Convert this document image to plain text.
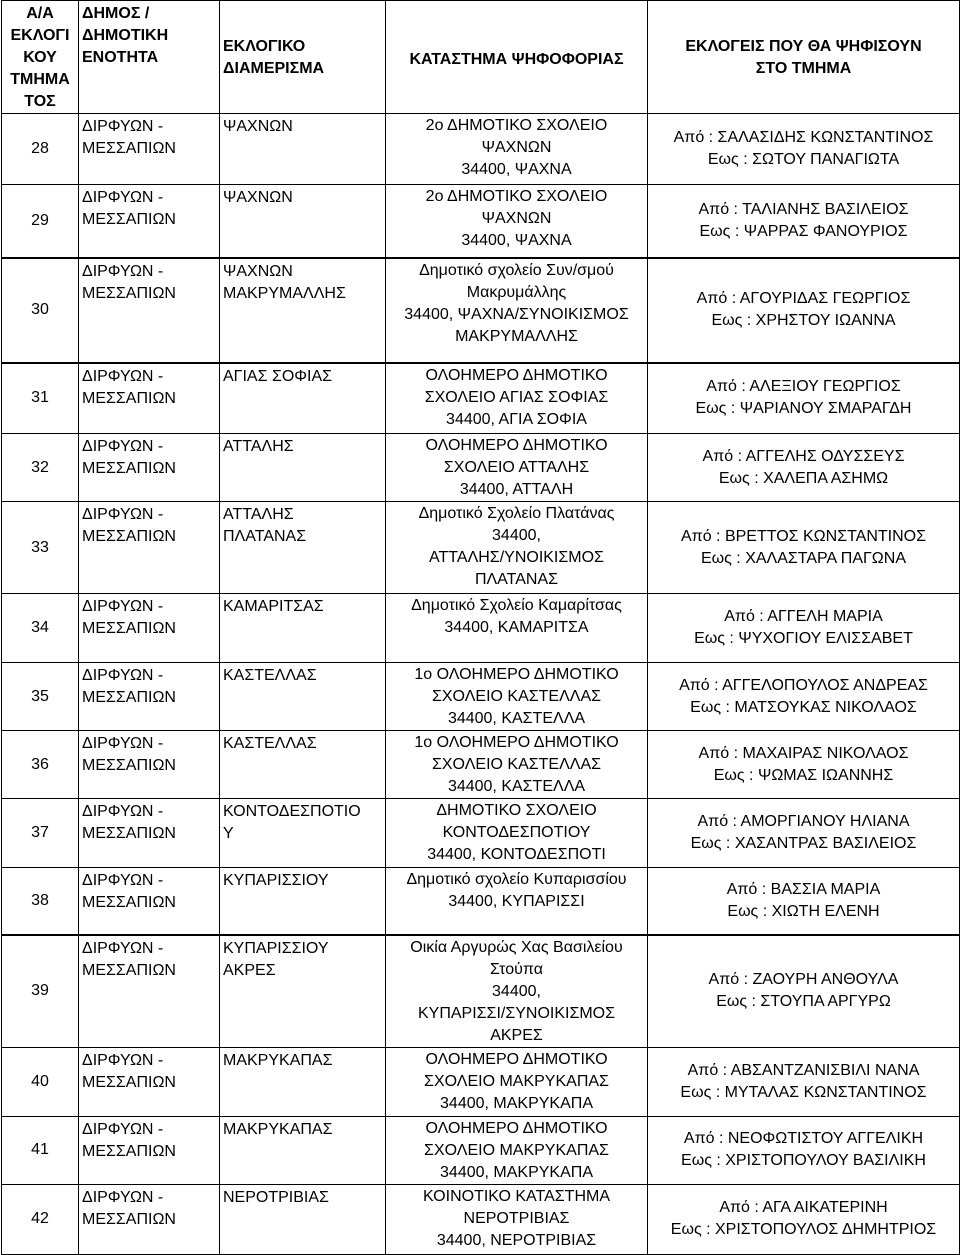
Α/Α
ΕΚΛΟΓΙ
ΚΟΥ
ΤΜΗΜΑ
ΤΟΣ	ΔΗΜΟΣ /
ΔΗΜΟΤΙΚΗ
ΕΝΟΤΗΤΑ	ΕΚΛΟΓΙΚΟ
ΔΙΑΜΕΡΙΣΜΑ	ΚΑΤΑΣΤΗΜΑ ΨΗΦΟΦΟΡΙΑΣ	ΕΚΛΟΓΕΙΣ ΠΟΥ ΘΑ ΨΗΦΙΣΟΥΝ
ΣΤΟ ΤΜΗΜΑ

28	ΔΙΡΦΥΩΝ -
ΜΕΣΣΑΠΙΩΝ	ΨΑΧΝΩΝ	2ο ΔΗΜΟΤΙΚΟ ΣΧΟΛΕΙΟ
ΨΑΧΝΩΝ
34400, ΨΑΧΝΑ	Από : ΣΑΛΑΣΙΔΗΣ ΚΩΝΣΤΑΝΤΙΝΟΣ
Εως : ΣΩΤΟΥ ΠΑΝΑΓΙΩΤΑ

29	ΔΙΡΦΥΩΝ -
ΜΕΣΣΑΠΙΩΝ	ΨΑΧΝΩΝ	2ο ΔΗΜΟΤΙΚΟ ΣΧΟΛΕΙΟ
ΨΑΧΝΩΝ
34400, ΨΑΧΝΑ	Από : ΤΑΛΙΑΝΗΣ ΒΑΣΙΛΕΙΟΣ
Εως : ΨΑΡΡΑΣ ΦΑΝΟΥΡΙΟΣ

30	ΔΙΡΦΥΩΝ -
ΜΕΣΣΑΠΙΩΝ	ΨΑΧΝΩΝ
ΜΑΚΡΥΜΑΛΛΗΣ	Δημοτικό σχολείο Συν/σμού
Μακρυμάλλης
34400, ΨΑΧΝΑ/ΣΥΝΟΙΚΙΣΜΟΣ
ΜΑΚΡΥΜΑΛΛΗΣ	Από : ΑΓΟΥΡΙΔΑΣ ΓΕΩΡΓΙΟΣ
Εως : ΧΡΗΣΤΟΥ ΙΩΑΝΝΑ

31	ΔΙΡΦΥΩΝ -
ΜΕΣΣΑΠΙΩΝ	ΑΓΙΑΣ ΣΟΦΙΑΣ	ΟΛΟΗΜΕΡΟ ΔΗΜΟΤΙΚΟ
ΣΧΟΛΕΙΟ ΑΓΙΑΣ ΣΟΦΙΑΣ
34400, ΑΓΙΑ ΣΟΦΙΑ	Από : ΑΛΕΞΙΟΥ ΓΕΩΡΓΙΟΣ
Εως : ΨΑΡΙΑΝΟΥ ΣΜΑΡΑΓΔΗ

32	ΔΙΡΦΥΩΝ -
ΜΕΣΣΑΠΙΩΝ	ΑΤΤΑΛΗΣ	ΟΛΟΗΜΕΡΟ ΔΗΜΟΤΙΚΟ
ΣΧΟΛΕΙΟ ΑΤΤΑΛΗΣ
34400, ΑΤΤΑΛΗ	Από : ΑΓΓΕΛΗΣ ΟΔΥΣΣΕΥΣ
Εως : ΧΑΛΕΠΑ ΑΣΗΜΩ

33	ΔΙΡΦΥΩΝ -
ΜΕΣΣΑΠΙΩΝ	ΑΤΤΑΛΗΣ
ΠΛΑΤΑΝΑΣ	Δημοτικό Σχολείο Πλατάνας
34400,
ΑΤΤΑΛΗΣ/ΥΝΟΙΚΙΣΜΟΣ
ΠΛΑΤΑΝΑΣ	Από : ΒΡΕΤΤΟΣ ΚΩΝΣΤΑΝΤΙΝΟΣ
Εως : ΧΑΛΑΣΤΑΡΑ ΠΑΓΩΝΑ

34	ΔΙΡΦΥΩΝ -
ΜΕΣΣΑΠΙΩΝ	ΚΑΜΑΡΙΤΣΑΣ	Δημοτικό Σχολείο Καμαρίτσας
34400, ΚΑΜΑΡΙΤΣΑ	Από : ΑΓΓΕΛΗ ΜΑΡΙΑ
Εως : ΨΥΧΟΓΙΟΥ ΕΛΙΣΣΑΒΕΤ

35	ΔΙΡΦΥΩΝ -
ΜΕΣΣΑΠΙΩΝ	ΚΑΣΤΕΛΛΑΣ	1ο ΟΛΟΗΜΕΡΟ ΔΗΜΟΤΙΚΟ
ΣΧΟΛΕΙΟ ΚΑΣΤΕΛΛΑΣ
34400, ΚΑΣΤΕΛΛΑ	Από : ΑΓΓΕΛΟΠΟΥΛΟΣ ΑΝΔΡΕΑΣ
Εως : ΜΑΤΣΟΥΚΑΣ ΝΙΚΟΛΑΟΣ

36	ΔΙΡΦΥΩΝ -
ΜΕΣΣΑΠΙΩΝ	ΚΑΣΤΕΛΛΑΣ	1ο ΟΛΟΗΜΕΡΟ ΔΗΜΟΤΙΚΟ
ΣΧΟΛΕΙΟ ΚΑΣΤΕΛΛΑΣ
34400, ΚΑΣΤΕΛΛΑ	Από : ΜΑΧΑΙΡΑΣ ΝΙΚΟΛΑΟΣ
Εως : ΨΩΜΑΣ ΙΩΑΝΝΗΣ

37	ΔΙΡΦΥΩΝ -
ΜΕΣΣΑΠΙΩΝ	ΚΟΝΤΟΔΕΣΠΟΤΙΟ
Υ	ΔΗΜΟΤΙΚΟ ΣΧΟΛΕΙΟ
ΚΟΝΤΟΔΕΣΠΟΤΙΟΥ
34400, ΚΟΝΤΟΔΕΣΠΟΤΙ	Από : ΑΜΟΡΓΙΑΝΟΥ ΗΛΙΑΝΑ
Εως : ΧΑΣΑΝΤΡΑΣ ΒΑΣΙΛΕΙΟΣ

38	ΔΙΡΦΥΩΝ -
ΜΕΣΣΑΠΙΩΝ	ΚΥΠΑΡΙΣΣΙΟΥ	Δημοτικό σχολείο Κυπαρισσίου
34400, ΚΥΠΑΡΙΣΣΙ	Από : ΒΑΣΣΙΑ ΜΑΡΙΑ
Εως : ΧΙΩΤΗ ΕΛΕΝΗ

39	ΔΙΡΦΥΩΝ -
ΜΕΣΣΑΠΙΩΝ	ΚΥΠΑΡΙΣΣΙΟΥ
ΑΚΡΕΣ	Οικία Αργυρώς Χας Βασιλείου
Στούπα
34400,
ΚΥΠΑΡΙΣΣΙ/ΣΥΝΟΙΚΙΣΜΟΣ
ΑΚΡΕΣ	Από : ΖΑΟΥΡΗ ΑΝΘΟΥΛΑ
Εως : ΣΤΟΥΠΑ ΑΡΓΥΡΩ

40	ΔΙΡΦΥΩΝ -
ΜΕΣΣΑΠΙΩΝ	ΜΑΚΡΥΚΑΠΑΣ	ΟΛΟΗΜΕΡΟ ΔΗΜΟΤΙΚΟ
ΣΧΟΛΕΙΟ ΜΑΚΡΥΚΑΠΑΣ
34400, ΜΑΚΡΥΚΑΠΑ	Από : ΑΒΣΑΝΤΖΑΝΙΣΒΙΛΙ ΝΑΝΑ
Εως : ΜΥΤΑΛΑΣ ΚΩΝΣΤΑΝΤΙΝΟΣ

41	ΔΙΡΦΥΩΝ -
ΜΕΣΣΑΠΙΩΝ	ΜΑΚΡΥΚΑΠΑΣ	ΟΛΟΗΜΕΡΟ ΔΗΜΟΤΙΚΟ
ΣΧΟΛΕΙΟ ΜΑΚΡΥΚΑΠΑΣ
34400, ΜΑΚΡΥΚΑΠΑ	Από : ΝΕΟΦΩΤΙΣΤΟΥ ΑΓΓΕΛΙΚΗ
Εως : ΧΡΙΣΤΟΠΟΥΛΟΥ ΒΑΣΙΛΙΚΗ

42	ΔΙΡΦΥΩΝ -
ΜΕΣΣΑΠΙΩΝ	ΝΕΡΟΤΡΙΒΙΑΣ	ΚΟΙΝΟΤΙΚΟ ΚΑΤΑΣΤΗΜΑ
ΝΕΡΟΤΡΙΒΙΑΣ
34400, ΝΕΡΟΤΡΙΒΙΑΣ	Από : ΑΓΑ ΑΙΚΑΤΕΡΙΝΗ
Εως : ΧΡΙΣΤΟΠΟΥΛΟΣ ΔΗΜΗΤΡΙΟΣ
